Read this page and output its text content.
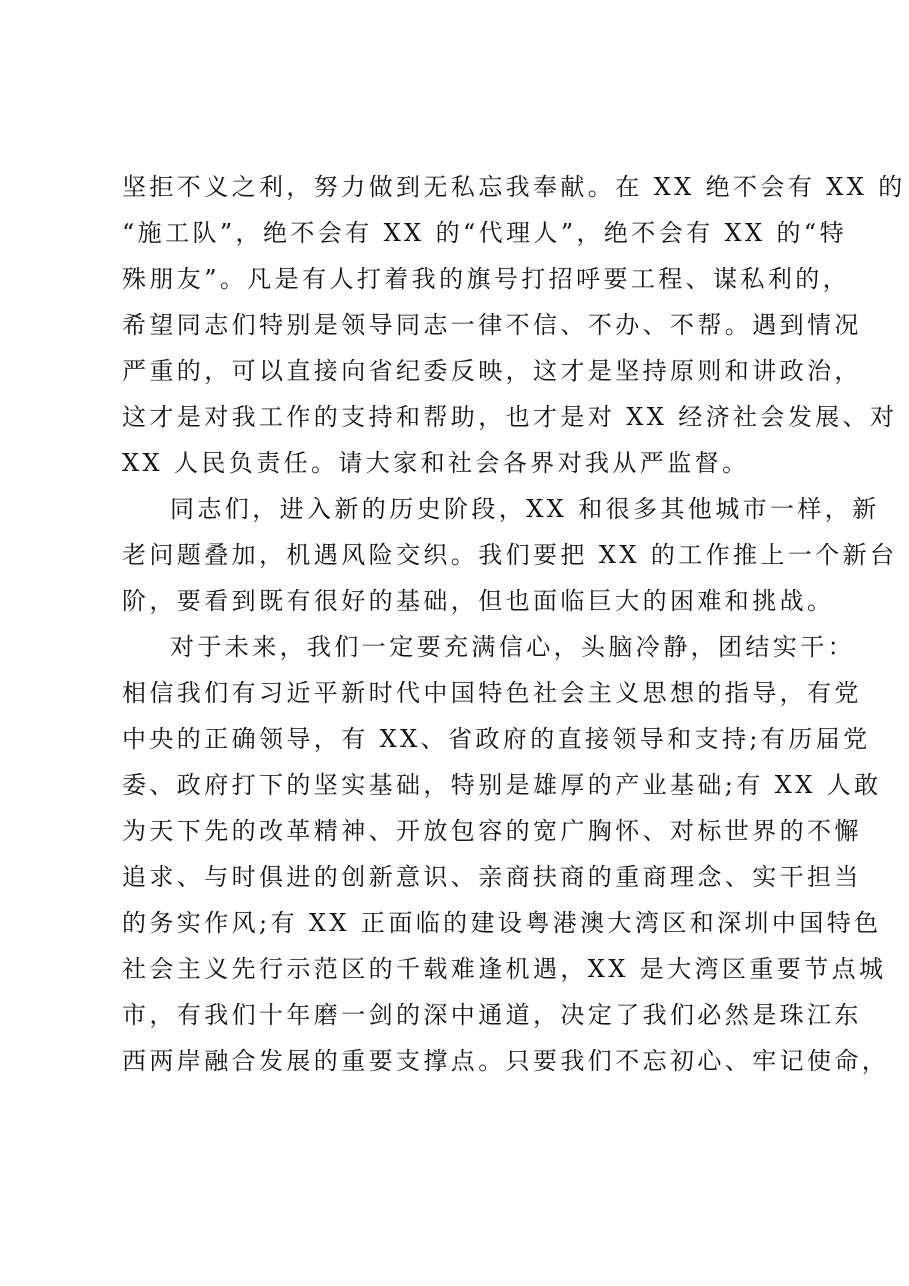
坚拒不义之利，努力做到无私忘我奉献。在 XX 绝不会有 XX 的
“施工队”，绝不会有 XX 的“代理人”，绝不会有 XX 的“特
殊朋友”。凡是有人打着我的旗号打招呼要工程、谋私利的，
希望同志们特别是领导同志一律不信、不办、不帮。遇到情况
严重的，可以直接向省纪委反映，这才是坚持原则和讲政治，
这才是对我工作的支持和帮助，也才是对 XX 经济社会发展、对
XX 人民负责任。请大家和社会各界对我从严监督。
同志们，进入新的历史阶段，XX 和很多其他城市一样，新
老问题叠加，机遇风险交织。我们要把 XX 的工作推上一个新台
阶，要看到既有很好的基础，但也面临巨大的困难和挑战。
对于未来，我们一定要充满信心，头脑冷静，团结实干：
相信我们有习近平新时代中国特色社会主义思想的指导，有党
中央的正确领导，有 XX、省政府的直接领导和支持;有历届党
委、政府打下的坚实基础，特别是雄厚的产业基础;有 XX 人敢
为天下先的改革精神、开放包容的宽广胸怀、对标世界的不懈
追求、与时俱进的创新意识、亲商扶商的重商理念、实干担当
的务实作风;有 XX 正面临的建设粤港澳大湾区和深圳中国特色
社会主义先行示范区的千载难逢机遇，XX 是大湾区重要节点城
市，有我们十年磨一剑的深中通道，决定了我们必然是珠江东
西两岸融合发展的重要支撑点。只要我们不忘初心、牢记使命，
